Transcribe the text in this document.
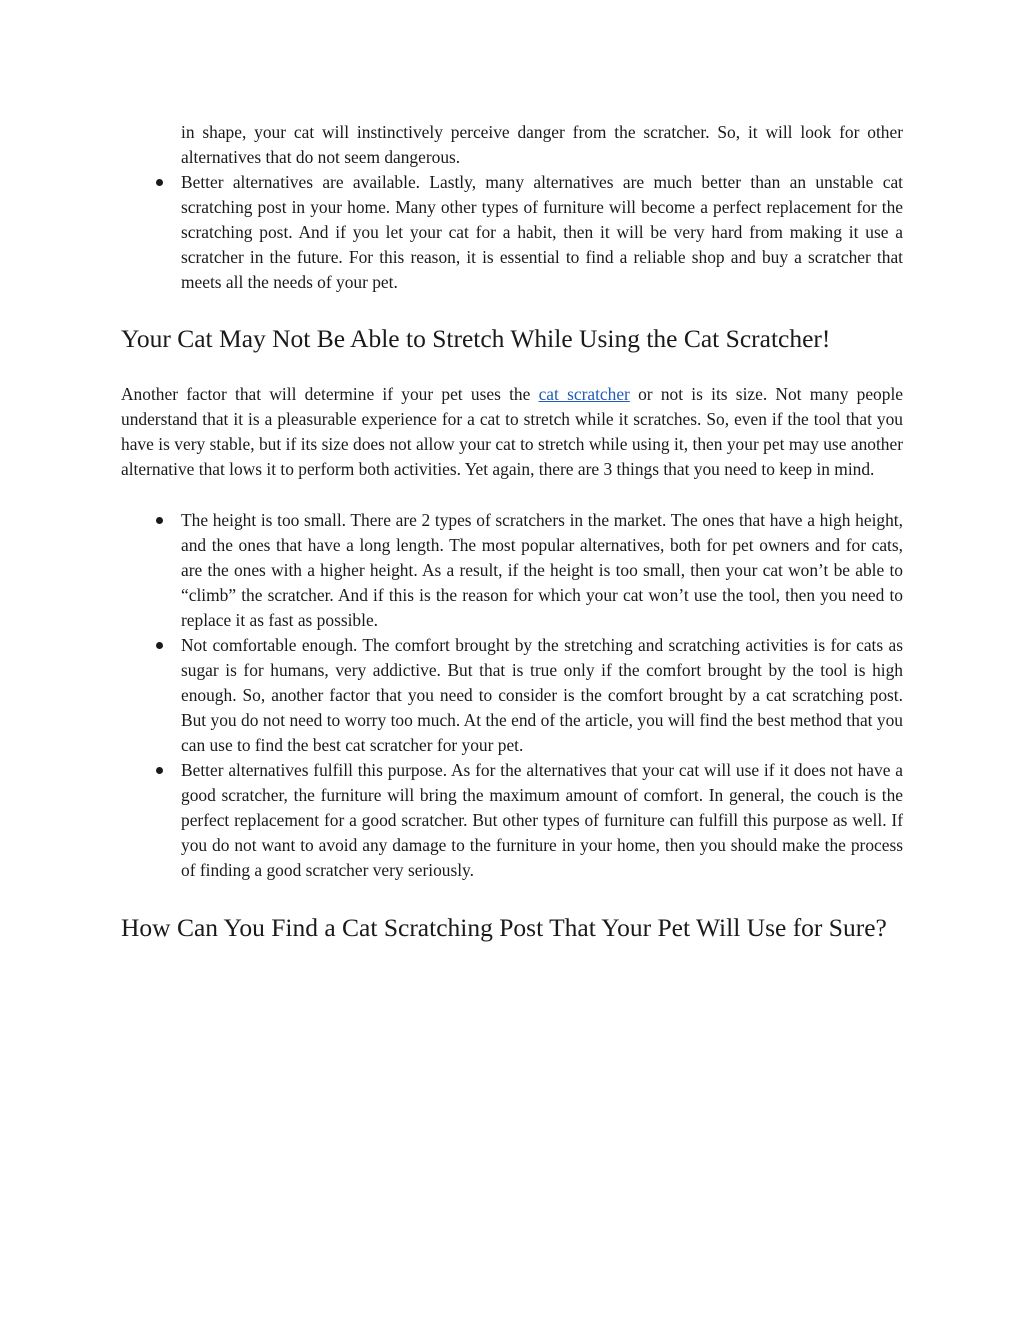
in shape, your cat will instinctively perceive danger from the scratcher. So, it will look for other alternatives that do not seem dangerous.

Better alternatives are available. Lastly, many alternatives are much better than an unstable cat scratching post in your home. Many other types of furniture will become a perfect replacement for the scratching post. And if you let your cat for a habit, then it will be very hard from making it use a scratcher in the future. For this reason, it is essential to find a reliable shop and buy a scratcher that meets all the needs of your pet.
Your Cat May Not Be Able to Stretch While Using the Cat Scratcher!

Another factor that will determine if your pet uses the cat scratcher or not is its size. Not many people understand that it is a pleasurable experience for a cat to stretch while it scratches. So, even if the tool that you have is very stable, but if its size does not allow your cat to stretch while using it, then your pet may use another alternative that lows it to perform both activities. Yet again, there are 3 things that you need to keep in mind.

The height is too small. There are 2 types of scratchers in the market. The ones that have a high height, and the ones that have a long length. The most popular alternatives, both for pet owners and for cats, are the ones with a higher height. As a result, if the height is too small, then your cat won’t be able to “climb” the scratcher. And if this is the reason for which your cat won’t use the tool, then you need to replace it as fast as possible.
Not comfortable enough. The comfort brought by the stretching and scratching activities is for cats as sugar is for humans, very addictive. But that is true only if the comfort brought by the tool is high enough. So, another factor that you need to consider is the comfort brought by a cat scratching post. But you do not need to worry too much. At the end of the article, you will find the best method that you can use to find the best cat scratcher for your pet.
Better alternatives fulfill this purpose. As for the alternatives that your cat will use if it does not have a good scratcher, the furniture will bring the maximum amount of comfort. In general, the couch is the perfect replacement for a good scratcher. But other types of furniture can fulfill this purpose as well. If you do not want to avoid any damage to the furniture in your home, then you should make the process of finding a good scratcher very seriously.
How Can You Find a Cat Scratching Post That Your Pet Will Use for Sure?
